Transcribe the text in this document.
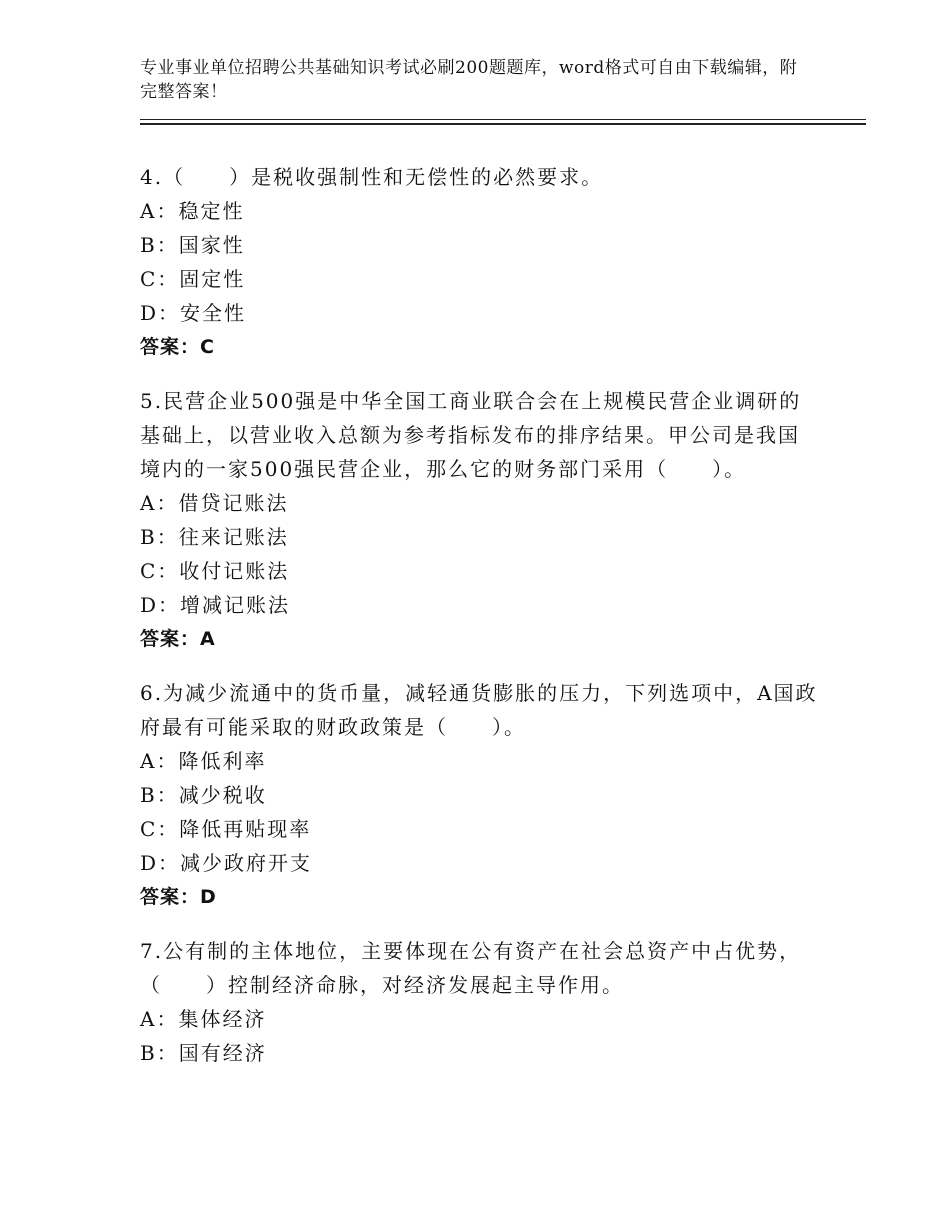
专业事业单位招聘公共基础知识考试必刷200题题库，word格式可自由下载编辑，附完整答案！

4.（　　）是税收强制性和无偿性的必然要求。

A：稳定性

B：国家性

C：固定性

D：安全性

答案：C

5.民营企业500强是中华全国工商业联合会在上规模民营企业调研的基础上，以营业收入总额为参考指标发布的排序结果。甲公司是我国境内的一家500强民营企业，那么它的财务部门采用（　　）。

A：借贷记账法

B：往来记账法

C：收付记账法

D：增减记账法

答案：A

6.为减少流通中的货币量，减轻通货膨胀的压力，下列选项中，A国政府最有可能采取的财政政策是（　　）。

A：降低利率

B：减少税收

C：降低再贴现率

D：减少政府开支

答案：D

7.公有制的主体地位，主要体现在公有资产在社会总资产中占优势，（　　）控制经济命脉，对经济发展起主导作用。

A：集体经济

B：国有经济
